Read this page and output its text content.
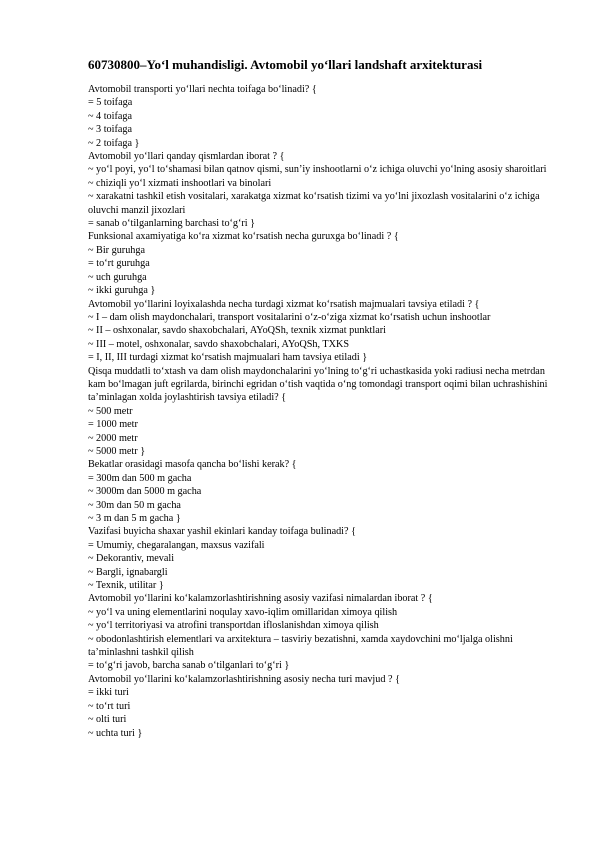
60730800–Yo‘l muhandisligi. Avtomobil yo‘llari landshaft arxitekturasi

Avtomobil transporti yo‘llari nechta toifaga bo‘linadi? {

= 5 toifaga

~ 4 toifaga

~ 3 toifaga

~ 2 toifaga }

Avtomobil yo‘llari qanday qismlardan iborat ? {

~ yo‘l poyi, yo‘l to‘shamasi bilan qatnov qismi, sun’iy inshootlarni o‘z ichiga oluvchi yo‘lning asosiy sharoitlari

~ chiziqli yo‘l xizmati inshootlari va binolari

~ xarakatni tashkil etish vositalari, xarakatga xizmat ko‘rsatish tizimi va yo‘lni jixozlash vositalarini o‘z ichiga oluvchi manzil jixozlari

= sanab o‘tilganlarning barchasi to‘g‘ri }

Funksional axamiyatiga ko‘ra xizmat ko‘rsatish necha guruxga bo‘linadi ? {

~ Bir guruhga

= to‘rt guruhga

~ uch guruhga

~ ikki guruhga }

Avtomobil yo‘llarini loyixalashda necha turdagi xizmat ko‘rsatish majmualari tavsiya etiladi ? {

~ I – dam olish maydonchalari, transport vositalarini o‘z-o‘ziga xizmat ko‘rsatish uchun inshootlar

~ II – oshxonalar, savdo shaxobchalari, AYoQSh, texnik xizmat punktlari

~ III – motel, oshxonalar, savdo shaxobchalari, AYoQSh, TXKS

= I, II, III turdagi xizmat ko‘rsatish majmualari ham tavsiya etiladi }

Qisqa muddatli to‘xtash va dam olish maydonchalarini yo‘lning to‘g‘ri uchastkasida yoki radiusi necha metrdan kam bo‘lmagan juft egrilarda, birinchi egridan o‘tish vaqtida o‘ng tomondagi transport oqimi bilan uchrashishini ta’minlagan xolda joylashtirish tavsiya etiladi? {

~ 500 metr

= 1000 metr

~ 2000 metr

~ 5000 metr }

Bekatlar orasidagi masofa qancha bo‘lishi kerak? {

= 300m dan 500 m gacha

~ 3000m dan 5000 m gacha

~ 30m dan 50 m gacha

~ 3 m dan 5 m gacha }

Vazifasi buyicha shaxar yashil ekinlari kanday toifaga bulinadi? {

= Umumiy, chegaralangan, maxsus vazifali

~ Dekorantiv, mevali

~ Bargli, ignabargli

~ Texnik, utilitar }

Avtomobil yo‘llarini ko‘kalamzorlashtirishning asosiy vazifasi nimalardan iborat ? {

~ yo‘l va uning elementlarini noqulay xavo-iqlim omillaridan ximoya qilish

~ yo‘l territoriyasi va atrofini transportdan ifloslanishdan ximoya qilish

~ obodonlashtirish elementlari va arxitektura – tasviriy bezatishni, xamda xaydovchini mo‘ljalga olishni ta’minlashni tashkil qilish

= to‘g‘ri javob, barcha sanab o‘tilganlari to‘g‘ri }

Avtomobil yo‘llarini ko‘kalamzorlashtirishning asosiy necha turi mavjud ? {

= ikki turi

~ to‘rt turi

~ olti turi

~ uchta turi }
